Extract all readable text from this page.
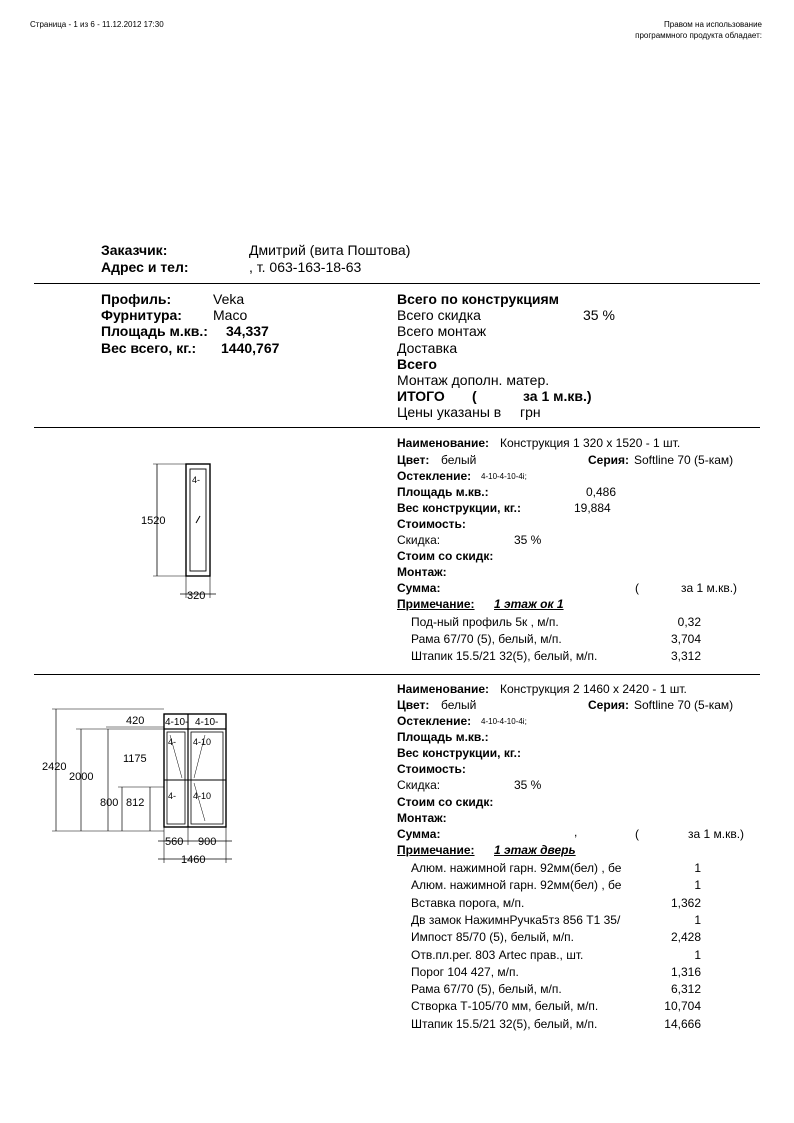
Страница - 1 из 6 - 11.12.2012 17:30	Правом на использование
программного продукта обладает:
Заказчик:	Дмитрий (вита Поштова)
Адрес и тел:	, т. 063-163-18-63
Профиль:	Veka
Фурнитура: Maco
Площадь м.кв.: 34,337
Вес всего, кг.: 1440,767
Всего по конструкциям
Всего скидка	35 %
Всего монтаж
Доставка
Всего
Монтаж дополн. матер.
ИТОГО (	за 1 м.кв.)
Цены указаны в грн
1520
320
4-
Наименование: Конструкция 1 320 x 1520 - 1 шт.
Цвет: белый	Серия: Softline 70 (5-кам)
Остекление: 4-10-4-10-4i;
Площадь м.кв.:	0,486
Вес конструкции, кг.:	19,884
Стоимость:
Скидка:	35 %
Стоим со скидк:
Монтаж:
Сумма:	(	за 1 м.кв.)
Примечание: 1 этаж ок 1
Под-ный профиль 5к , м/п.	0,32
Рама 67/70 (5), белый, м/п.	3,704
Штапик 15.5/21 32(5), белый, м/п.	3,312
2420
2000
1175
420
800 812
560 900
1460
4-10- 4-10-
4- 4-10
4- 4-10
Наименование: Конструкция 2 1460 x 2420 - 1 шт.
Цвет: белый	Серия: Softline 70 (5-кам)
Остекление: 4-10-4-10-4i;
Площадь м.кв.:
Вес конструкции, кг.:
Стоимость:
Скидка:	35 %
Стоим со скидк:
Монтаж:
Сумма:	,	(	за 1 м.кв.)
Примечание: 1 этаж дверь
Алюм. нажимной гарн. 92мм(бел) , бе	1
Алюм. нажимной гарн. 92мм(бел) , бе	1
Вставка порога, м/п.	1,362
Дв замок НажимнРучка5тз 856 Т1 35/	1
Импост 85/70 (5), белый, м/п.	2,428
Отв.пл.рег. 803 Artec прав., шт.	1
Порог 104 427, м/п.	1,316
Рама 67/70 (5), белый, м/п.	6,312
Створка Т-105/70 мм, белый, м/п.	10,704
Штапик 15.5/21 32(5), белый, м/п.	14,666
